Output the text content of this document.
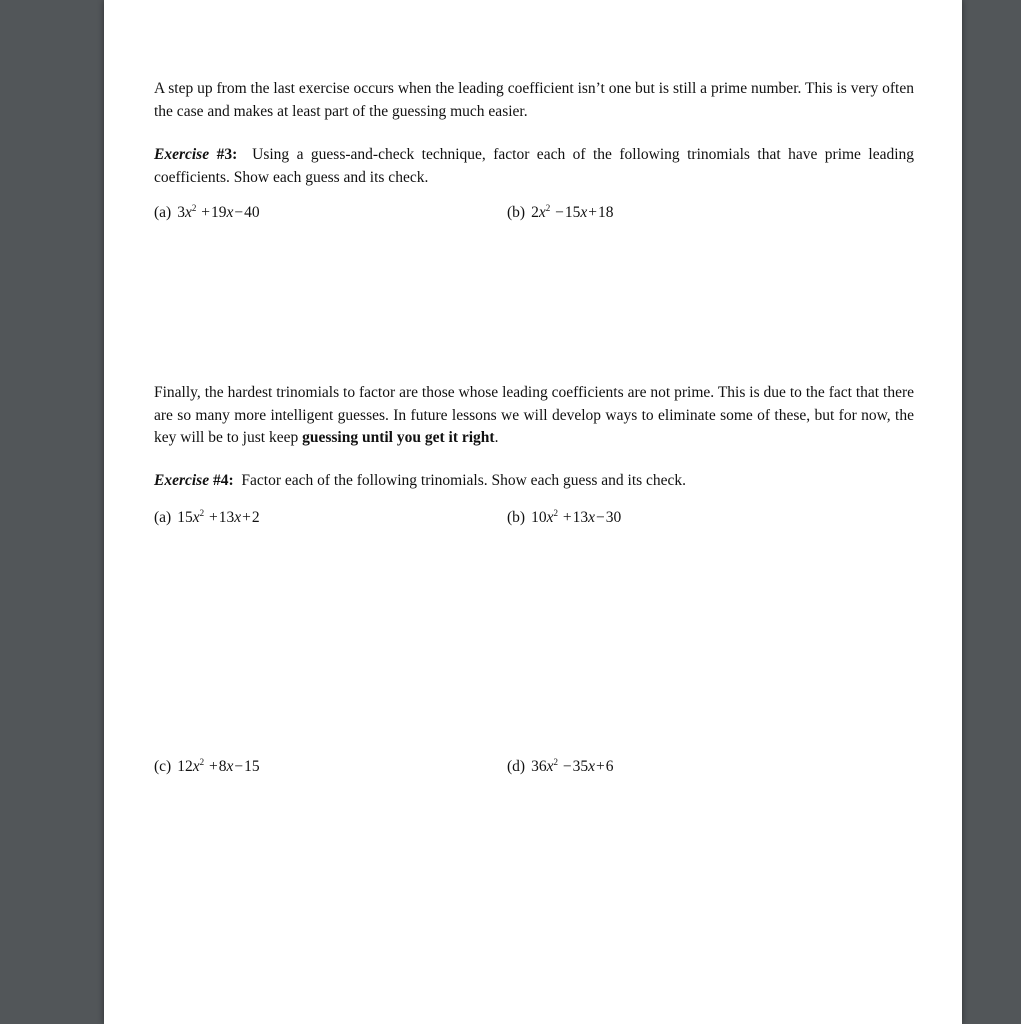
A step up from the last exercise occurs when the leading coefficient isn’t one but is still a prime number. This is very often the case and makes at least part of the guessing much easier.

Exercise #3: Using a guess-and-check technique, factor each of the following trinomials that have prime leading coefficients. Show each guess and its check.

(a) $3x^2 +19x-40$	(b) $2x^2 -15x+18$

Finally, the hardest trinomials to factor are those whose leading coefficients are not prime. This is due to the fact that there are so many more intelligent guesses. In future lessons we will develop ways to eliminate some of these, but for now, the key will be to just keep guessing until you get it right.

Exercise #4: Factor each of the following trinomials. Show each guess and its check.

(a) $15x^2 +13x+2$	(b) $10x^2 +13x-30$
(c) $12x^2 +8x-15$	(d) $36x^2 -35x+6$
